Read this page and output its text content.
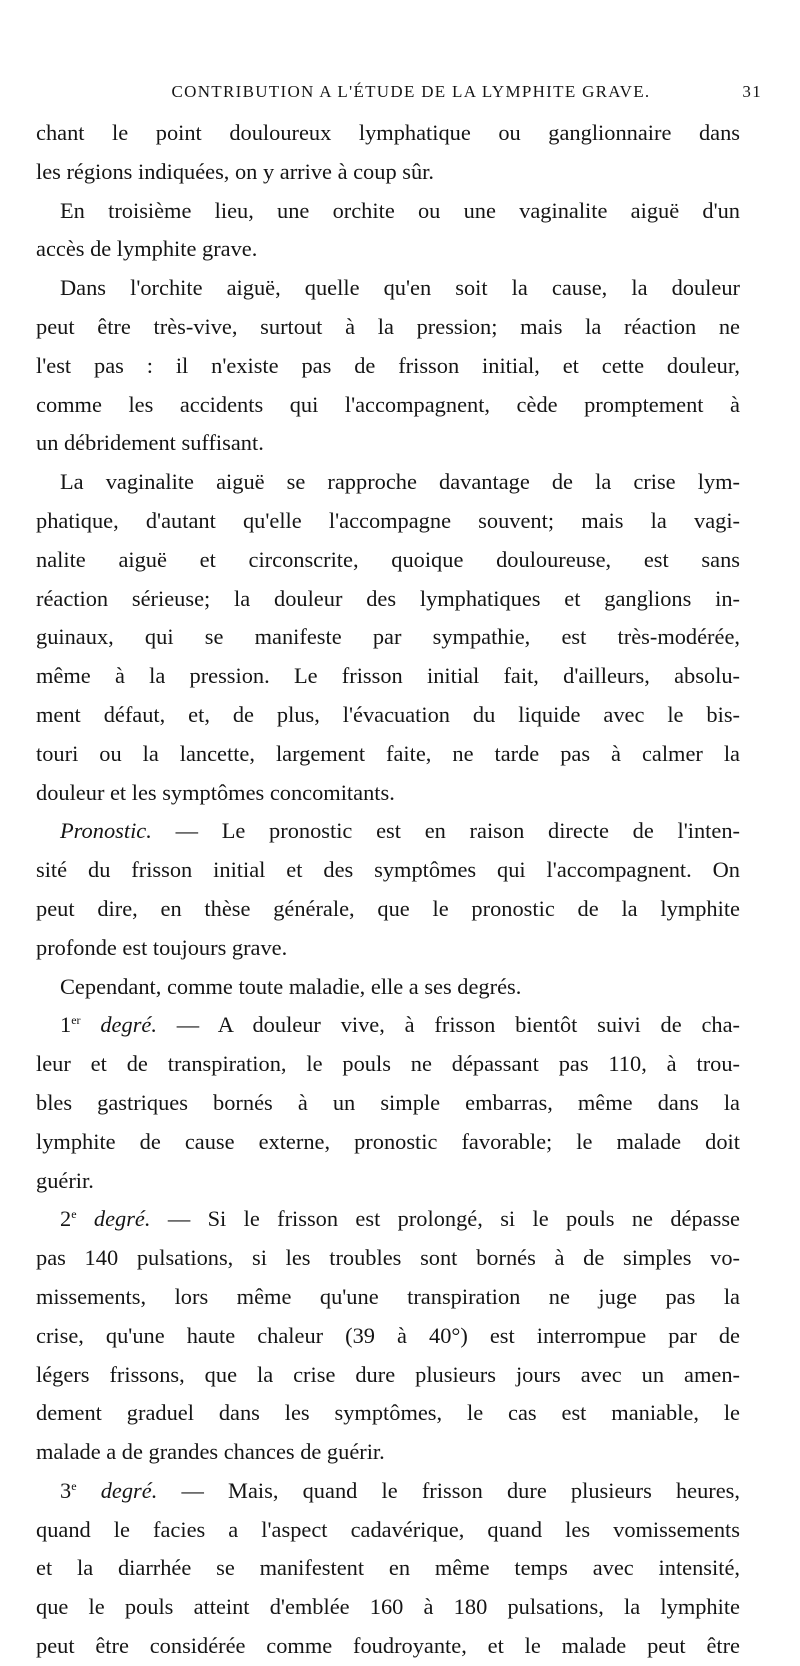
CONTRIBUTION A L'ÉTUDE DE LA LYMPHITE GRAVE.	31
chant le point douloureux lymphatique ou ganglionnaire dans
les régions indiquées, on y arrive à coup sûr.
En troisième lieu, une orchite ou une vaginalite aiguë d'un
accès de lymphite grave.
Dans l'orchite aiguë, quelle qu'en soit la cause, la douleur
peut être très-vive, surtout à la pression; mais la réaction ne
l'est pas : il n'existe pas de frisson initial, et cette douleur,
comme les accidents qui l'accompagnent, cède promptement à
un débridement suffisant.
La vaginalite aiguë se rapproche davantage de la crise lym-
phatique, d'autant qu'elle l'accompagne souvent; mais la vagi-
nalite aiguë et circonscrite, quoique douloureuse, est sans
réaction sérieuse; la douleur des lymphatiques et ganglions in-
guinaux, qui se manifeste par sympathie, est très-modérée,
même à la pression. Le frisson initial fait, d'ailleurs, absolu-
ment défaut, et, de plus, l'évacuation du liquide avec le bis-
touri ou la lancette, largement faite, ne tarde pas à calmer la
douleur et les symptômes concomitants.
Pronostic. — Le pronostic est en raison directe de l'inten-
sité du frisson initial et des symptômes qui l'accompagnent. On
peut dire, en thèse générale, que le pronostic de la lymphite
profonde est toujours grave.
Cependant, comme toute maladie, elle a ses degrés.
1er degré. — A douleur vive, à frisson bientôt suivi de cha-
leur et de transpiration, le pouls ne dépassant pas 110, à trou-
bles gastriques bornés à un simple embarras, même dans la
lymphite de cause externe, pronostic favorable; le malade doit
guérir.
2e degré. — Si le frisson est prolongé, si le pouls ne dépasse
pas 140 pulsations, si les troubles sont bornés à de simples vo-
missements, lors même qu'une transpiration ne juge pas la
crise, qu'une haute chaleur (39 à 40°) est interrompue par de
légers frissons, que la crise dure plusieurs jours avec un amen-
dement graduel dans les symptômes, le cas est maniable, le
malade a de grandes chances de guérir.
3e degré. — Mais, quand le frisson dure plusieurs heures,
quand le facies a l'aspect cadavérique, quand les vomissements
et la diarrhée se manifestent en même temps avec intensité,
que le pouls atteint d'emblée 160 à 180 pulsations, la lymphite
peut être considérée comme foudroyante, et le malade peut être
